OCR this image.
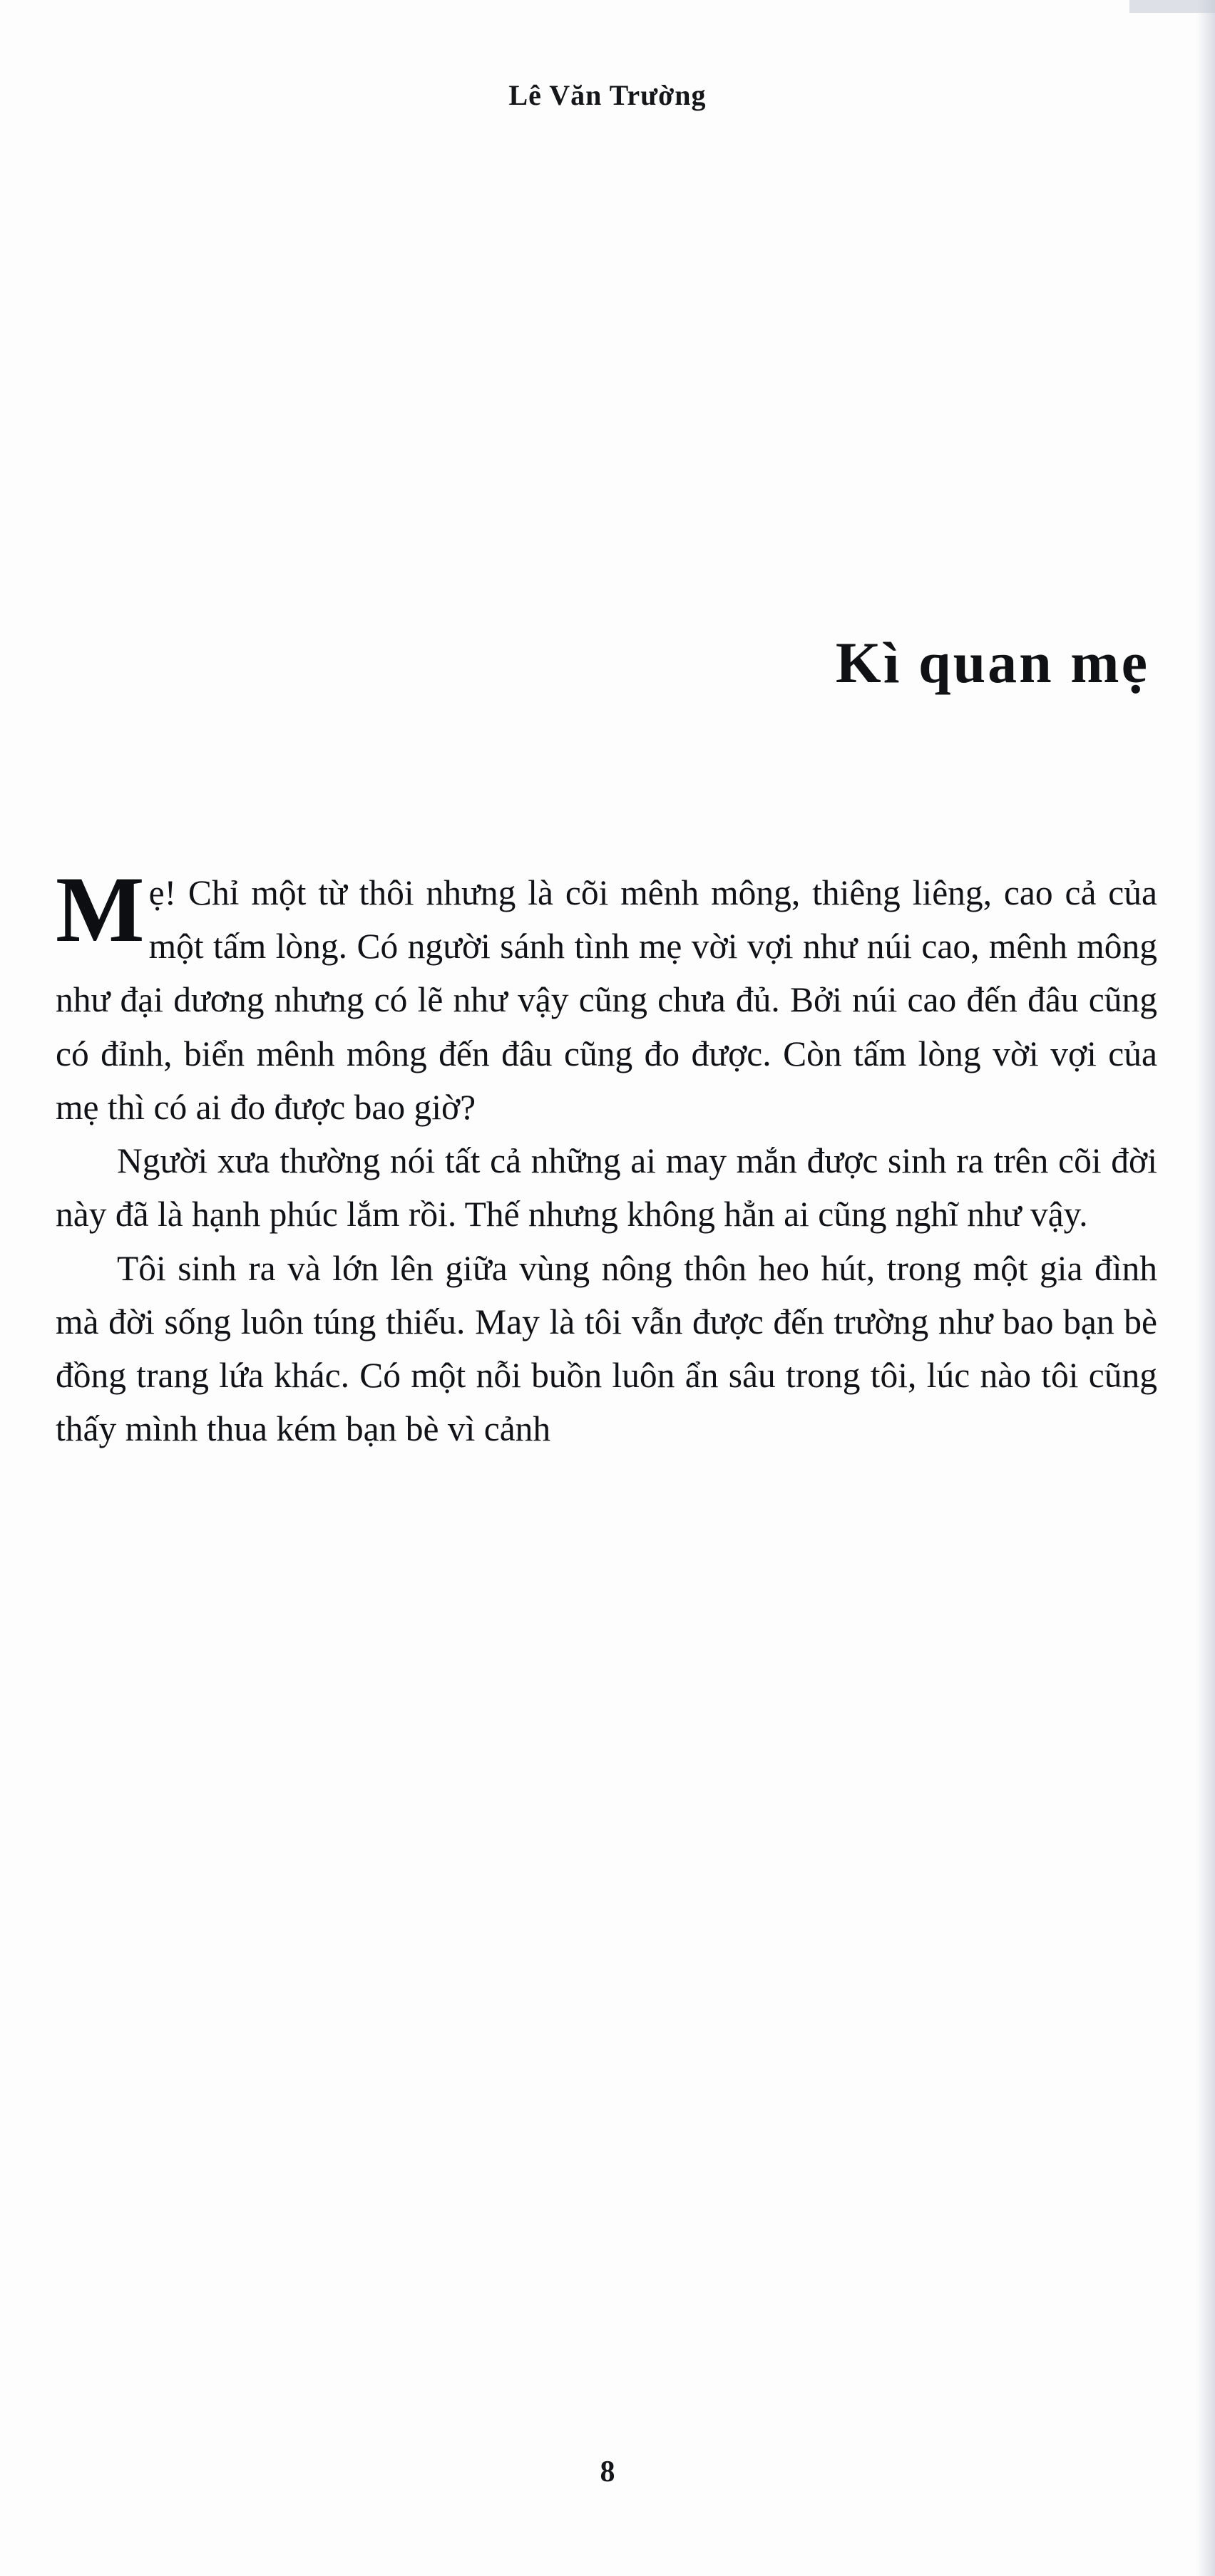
Lê Văn Trường
Kì quan mẹ

Mẹ! Chỉ một từ thôi nhưng là cõi mênh mông, thiêng liêng, cao cả của một tấm lòng. Có người sánh tình mẹ vời vợi như núi cao, mênh mông như đại dương nhưng có lẽ như vậy cũng chưa đủ. Bởi núi cao đến đâu cũng có đỉnh, biển mênh mông đến đâu cũng đo được. Còn tấm lòng vời vợi của mẹ thì có ai đo được bao giờ?

Người xưa thường nói tất cả những ai may mắn được sinh ra trên cõi đời này đã là hạnh phúc lắm rồi. Thế nhưng không hẳn ai cũng nghĩ như vậy.

Tôi sinh ra và lớn lên giữa vùng nông thôn heo hút, trong một gia đình mà đời sống luôn túng thiếu. May là tôi vẫn được đến trường như bao bạn bè đồng trang lứa khác. Có một nỗi buồn luôn ẩn sâu trong tôi, lúc nào tôi cũng thấy mình thua kém bạn bè vì cảnh

8
